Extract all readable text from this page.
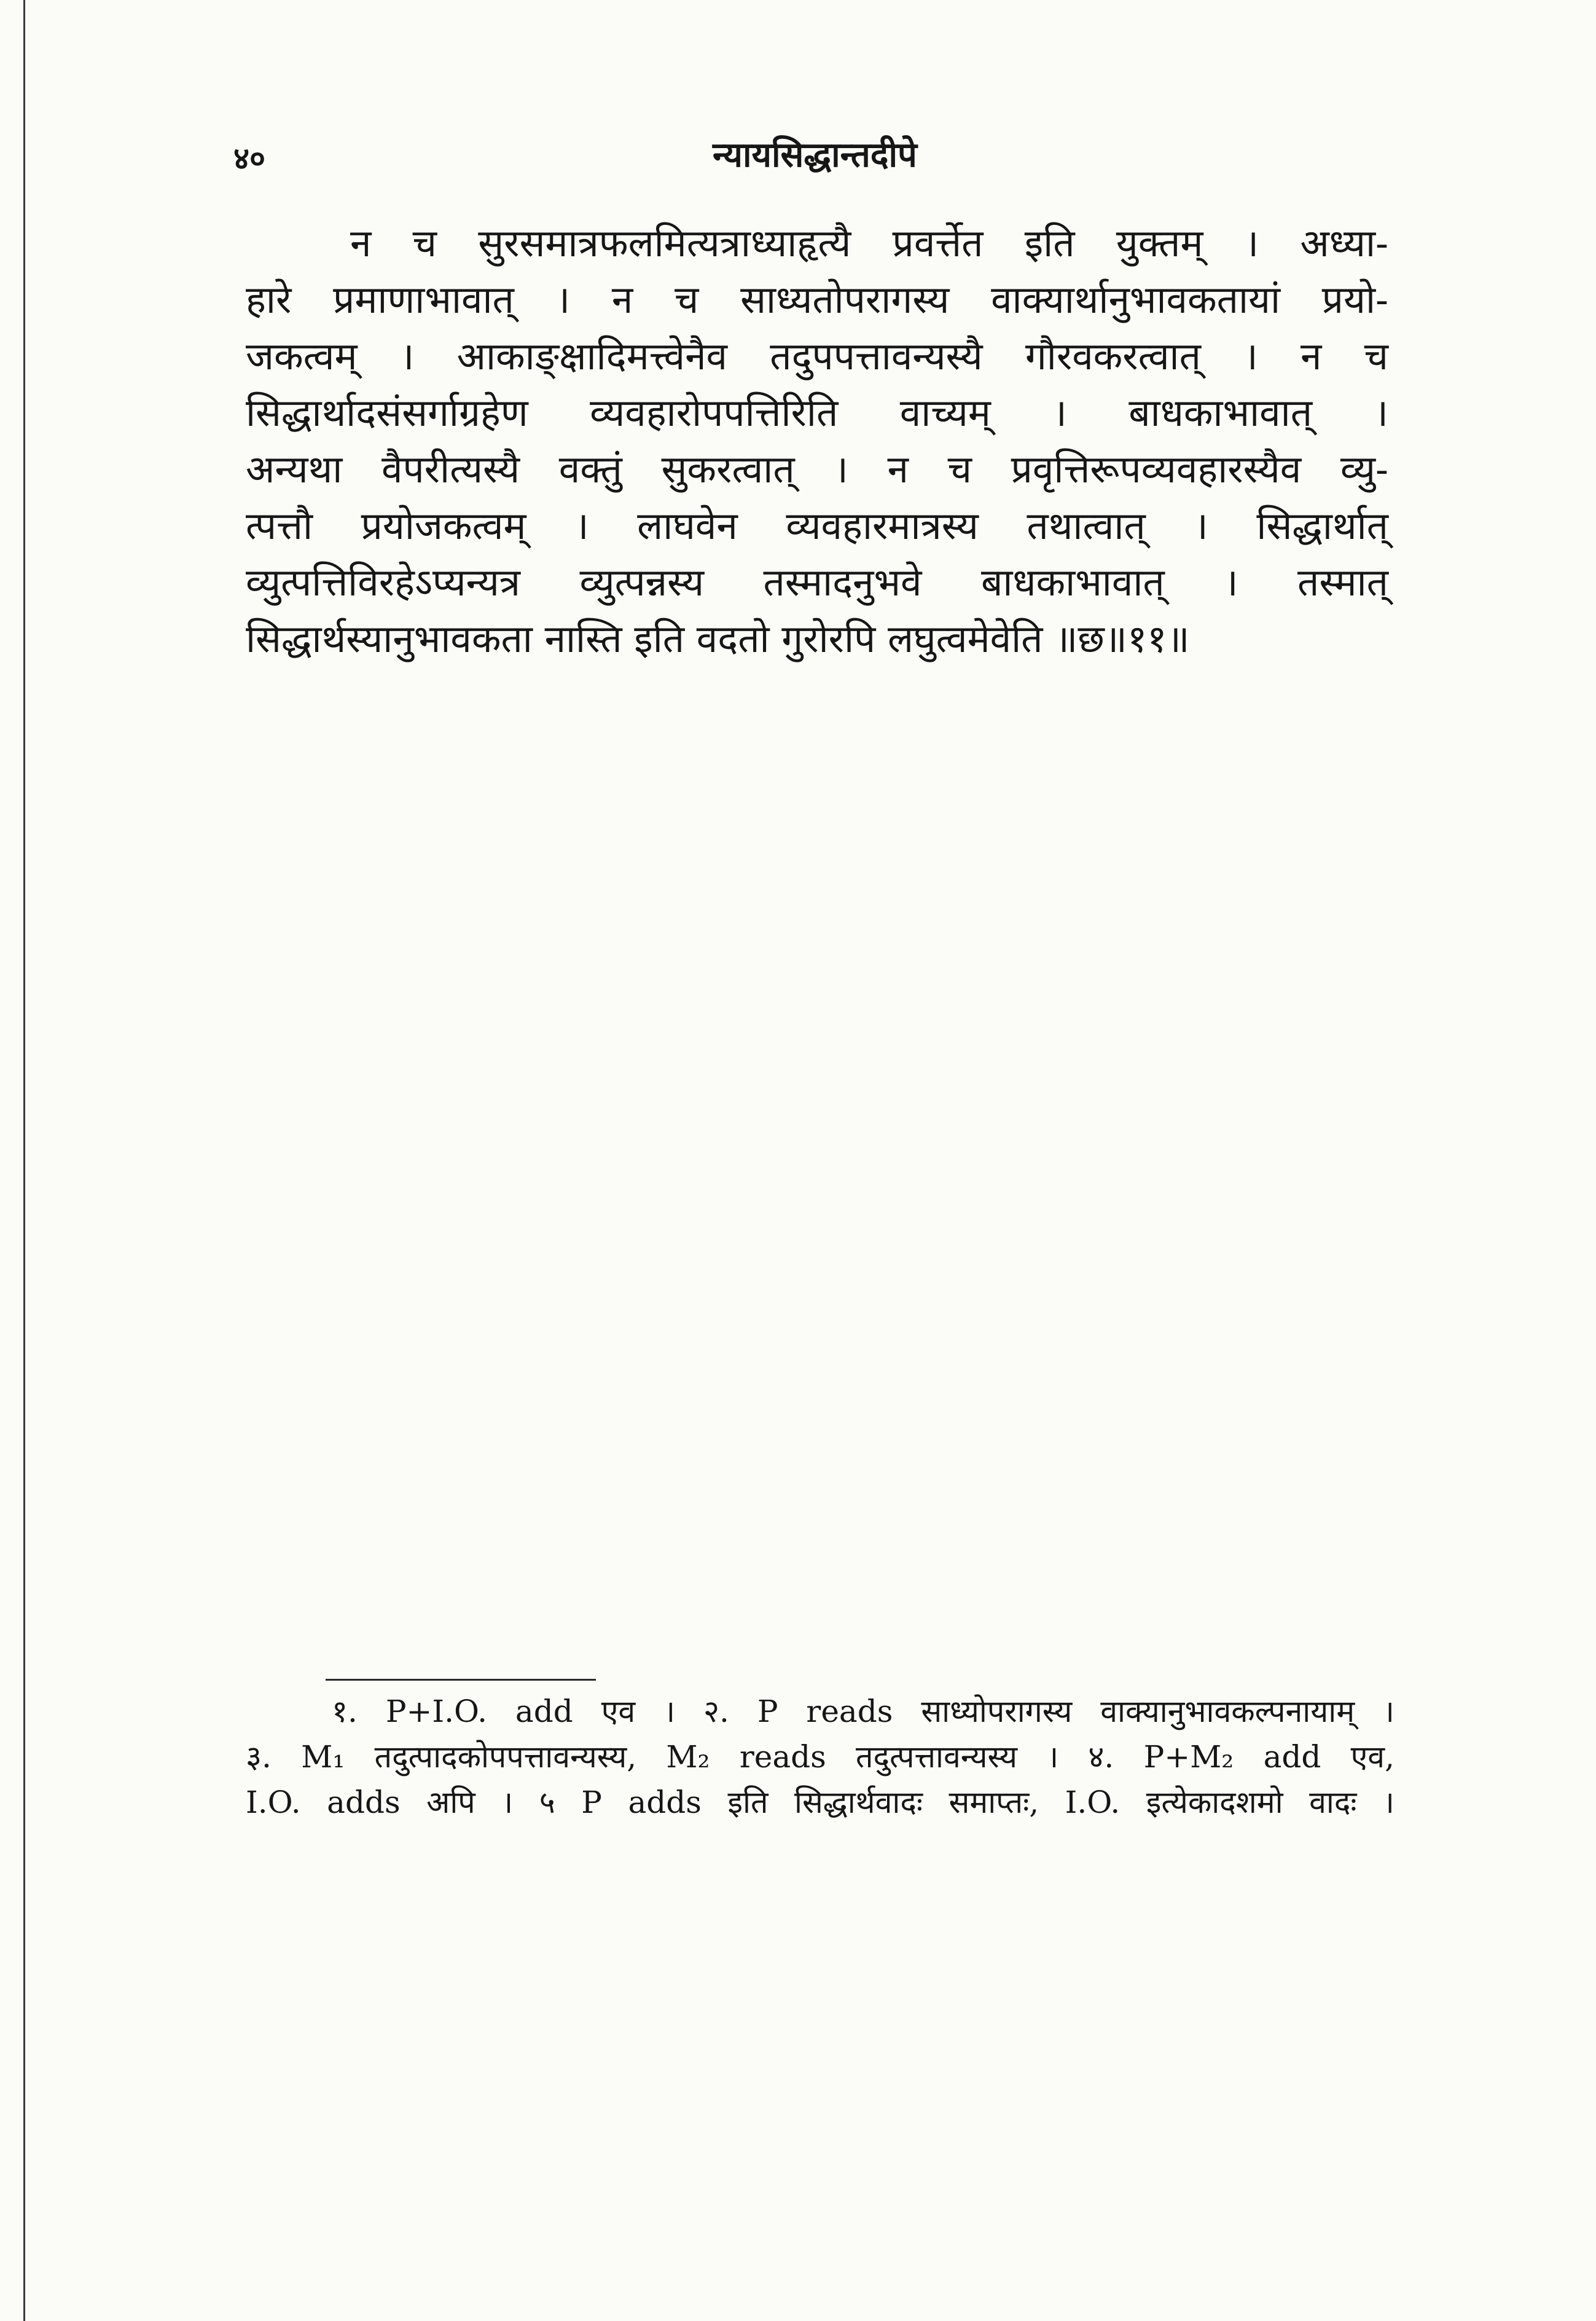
४०	न्यायसिद्धान्तदीपे
न च सुरसमात्रफलमित्यत्राध्याहृत्यै प्रवर्त्तेत इति युक्तम् । अध्या-
हारे प्रमाणाभावात् । न च साध्यतोपरागस्य वाक्यार्थानुभावकतायां प्रयो-
जकत्वम् । आकाङ्क्षादिमत्त्वेनैव तदुपपत्तावन्यस्यै गौरवकरत्वात् । न च
सिद्धार्थादसंसर्गाग्रहेण व्यवहारोपपत्तिरिति वाच्यम् । बाधकाभावात् ।
अन्यथा वैपरीत्यस्यै वक्तुं सुकरत्वात् । न च प्रवृत्तिरूपव्यवहारस्यैव व्यु-
त्पत्तौ प्रयोजकत्वम् । लाघवेन व्यवहारमात्रस्य तथात्वात् । सिद्धार्थात्
व्युत्पत्तिविरहेऽप्यन्यत्र व्युत्पन्नस्य तस्मादनुभवे बाधकाभावात् । तस्मात्
सिद्धार्थस्यानुभावकता नास्ति इति वदतो गुरोरपि लघुत्वमेवेति ॥छ॥११॥
१. P+I.O. add एव । २. P reads साध्योपरागस्य वाक्यानुभावकल्पनायाम् ।
३. M₁ तदुत्पादकोपपत्तावन्यस्य, M₂ reads तदुत्पत्तावन्यस्य । ४. P+M₂ add एव,
I.O. adds अपि । ५ P adds इति सिद्धार्थवादः समाप्तः, I.O. इत्येकादशमो वादः ।
